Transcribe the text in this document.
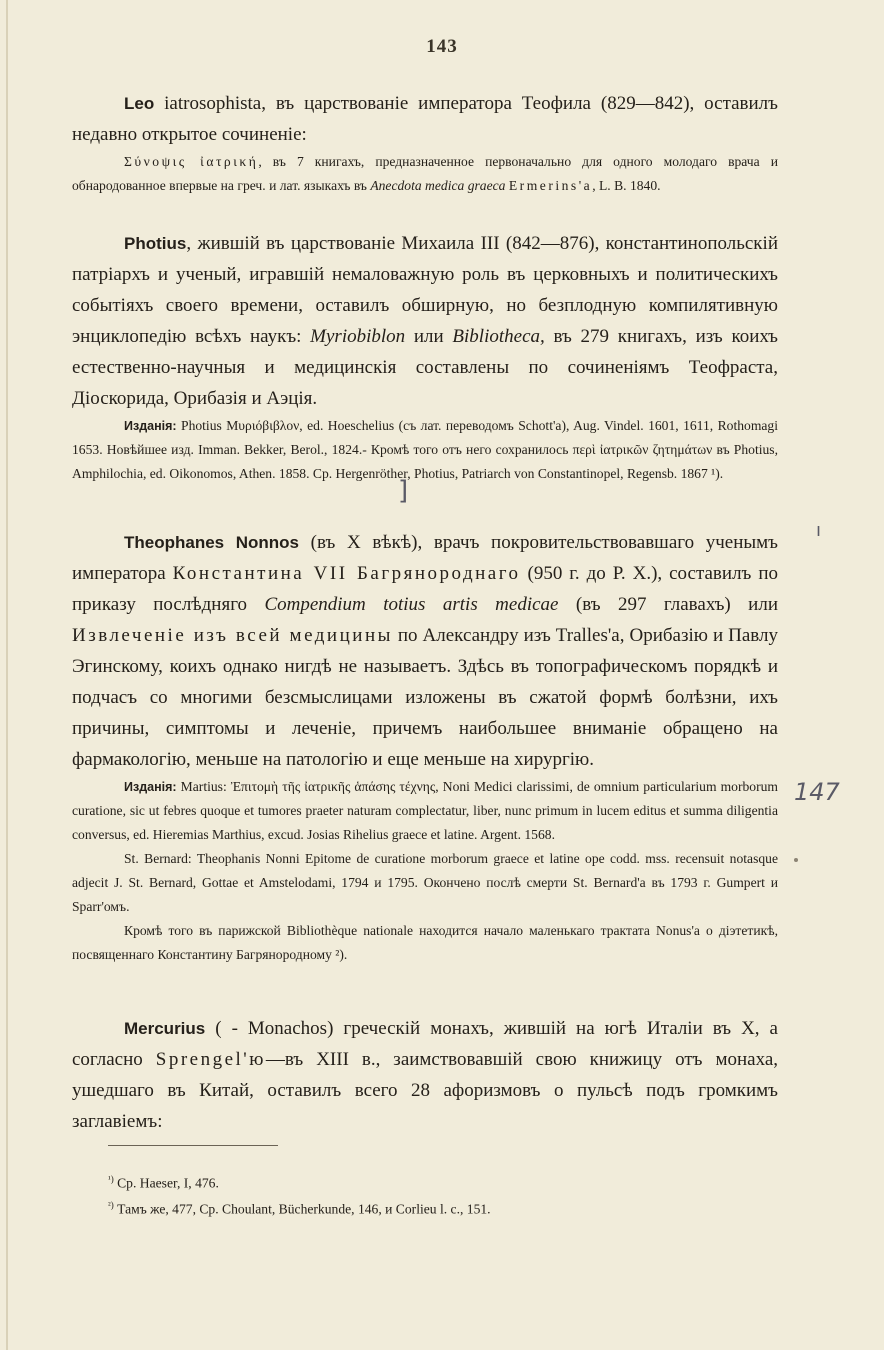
143

Leo iatrosophista, въ царствованіе императора Теофила (829—842), оставилъ недавно открытое сочиненіе:

Σύνοψις ἰατρική, въ 7 книгахъ, предназначенное первоначально для одного молодаго врача и обнародованное впервые на греч. и лат. языкахъ въ Anecdota medica graeca Ermerins'a, L. B. 1840.

Photius, жившій въ царствованіе Михаила III (842—876), константинопольскій патріархъ и ученый, игравшій немаловажную роль въ церковныхъ и политическихъ событіяхъ своего времени, оставилъ обширную, но безплодную компилятивную энциклопедію всѣхъ наукъ: Myriobiblon или Bibliotheca, въ 279 книгахъ, изъ коихъ естественно-научныя и медицинскія составлены по сочиненіямъ Теофраста, Діоскорида, Орибазія и Аэція.

Изданія: Photius Μυριόβιβλον, ed. Hoeschelius (съ лат. переводомъ Schott'a), Aug. Vindel. 1601, 1611, Rothomagi 1653. Новѣйшее изд. Imman. Bekker, Berol., 1824.- Кромѣ того отъ него сохранилось περὶ ἰατρικῶν ζητημάτων въ Photius, Amphilochia, ed. Oikonomos, Athen. 1858. Ср. Hergenröther, Photius, Patriarch von Constantinopel, Regensb. 1867 ¹).

Theophanes Nonnos (въ X вѣкѣ), врачъ покровительствовавшаго ученымъ императора Константина VII Багрянороднаго (950 г. до Р. Х.), составилъ по приказу послѣдняго Compendium totius artis medicae (въ 297 главахъ) или Извлеченіе изъ всей медицины по Александру изъ Tralles'a, Орибазію и Павлу Эгинскому, коихъ однако нигдѣ не называетъ. Здѣсь въ топографическомъ порядкѣ и подчасъ со многими безсмыслицами изложены въ сжатой формѣ болѣзни, ихъ причины, симптомы и леченіе, причемъ наибольшее вниманіе обращено на фармакологію, меньше на патологію и еще меньше на хирургію.

Изданія: Martius: Ἐπιτομὴ τῆς ἰατρικῆς ἁπάσης τέχνης, Noni Medici clarissimi, de omnium particularium morborum curatione, sic ut febres quoque et tumores praeter naturam complectatur, liber, nunc primum in lucem editus et summa diligentia conversus, ed. Hieremias Marthius, excud. Josias Rihelius graece et latine. Argent. 1568.

St. Bernard: Theophanis Nonni Epitome de curatione morborum graece et latine ope codd. mss. recensuit notasque adjecit J. St. Bernard, Gottae et Amstelodami, 1794 и 1795. Окончено послѣ смерти St. Bernard'a въ 1793 г. Gumpert и Sparr'омъ.

Кромѣ того въ парижской Bibliothèque nationale находится начало маленькаго трактата Nonus'a о діэтетикѣ, посвященнаго Константину Багрянородному ²).

Mercurius ( - Monachos) греческій монахъ, жившій на югѣ Италіи въ X, а согласно Sprengel'ю—въ XIII в., заимствовавшій свою книжицу отъ монаха, ушедшаго въ Китай, оставилъ всего 28 афоризмовъ о пульсѣ подъ громкимъ заглавіемъ:

$^{^1)}$ Ср. Haeser, I, 476.

$^{^2)}$ Тамъ же, 477, Ср. Choulant, Bücherkunde, 146, и Corlieu l. c., 151.

]
147
ı
